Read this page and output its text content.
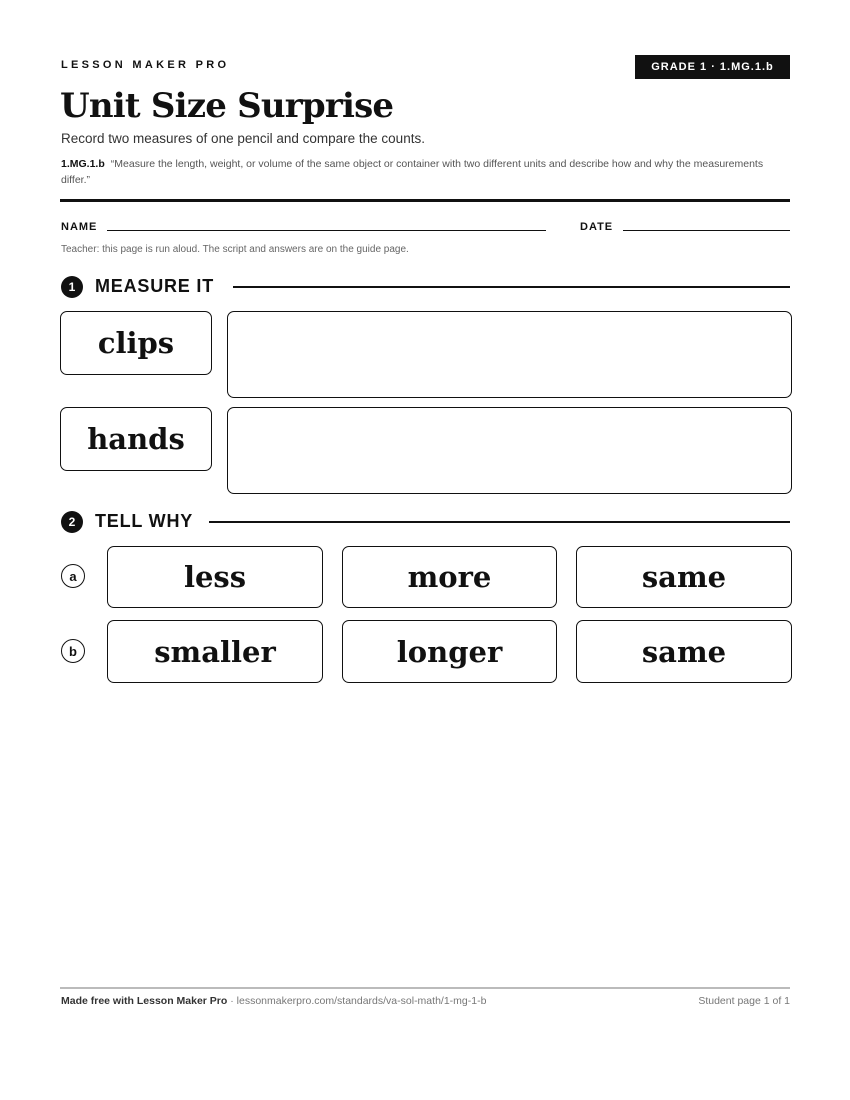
LESSON MAKER PRO	GRADE 1 · 1.MG.1.b
Unit Size Surprise
Record two measures of one pencil and compare the counts.
1.MG.1.b “Measure the length, weight, or volume of the same object or container with two different units and describe how and why the measurements differ.”
NAME	DATE
Teacher: this page is run aloud. The script and answers are on the guide page.
1	MEASURE IT
clips
hands
2	TELL WHY
a	less	more	same
b	smaller	longer	same
Made free with Lesson Maker Pro · lessonmakerpro.com/standards/va-sol-math/1-mg-1-b	Student page 1 of 1
